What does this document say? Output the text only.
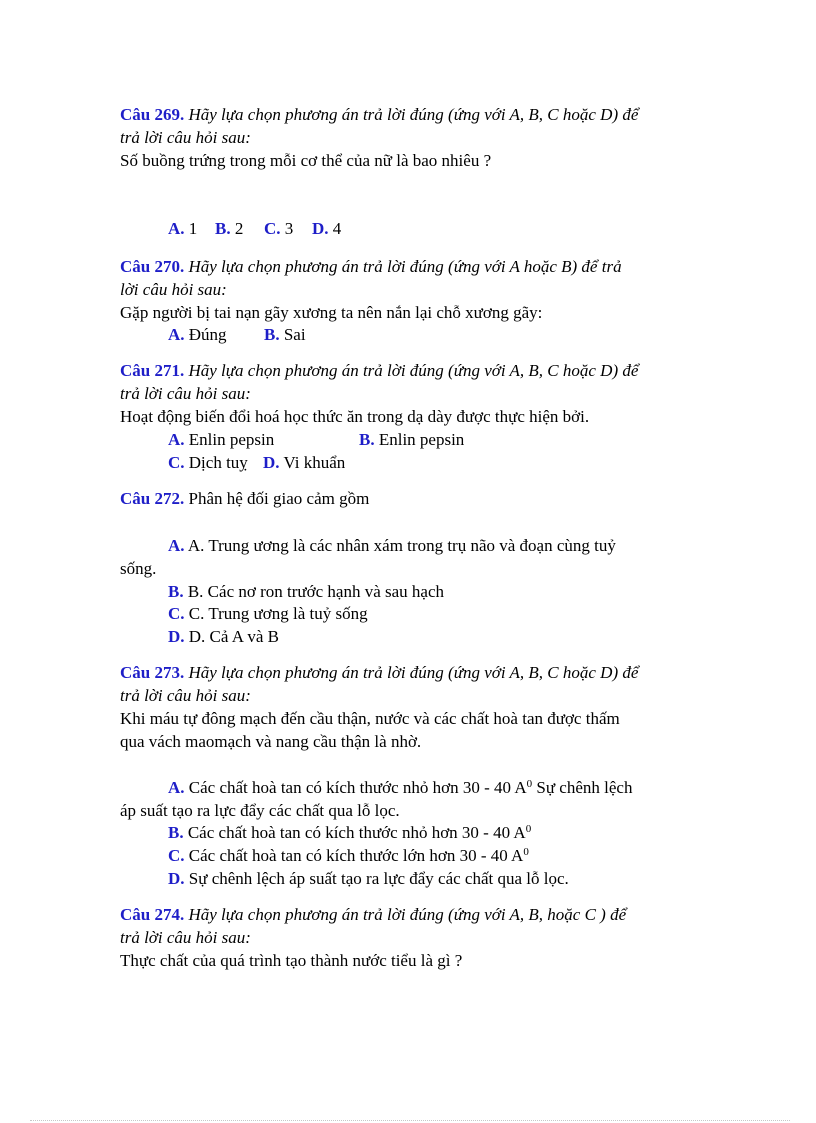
Câu 269. Hãy lựa chọn phương án trả lời đúng (ứng với A, B, C hoặc D) để
trả lời câu hỏi sau:
Số buồng trứng trong mỗi cơ thể của nữ là bao nhiêu ?
A. 1 B. 2 C. 3 D. 4
Câu 270. Hãy lựa chọn phương án trả lời đúng (ứng với A hoặc B) để trả
lời câu hỏi sau:
Gặp người bị tai nạn gãy xương ta nên nắn lại chỗ xương gãy:
A. Đúng B. Sai
Câu 271. Hãy lựa chọn phương án trả lời đúng (ứng với A, B, C hoặc D) để
trả lời câu hỏi sau:
Hoạt động biến đổi hoá học thức ăn trong dạ dày được thực hiện bởi.
A. Enlin pepsin	B. Enlin pepsin
C. Dịch tuỵ D. Vi khuẩn
Câu 272. Phân hệ đối giao cảm gồm
A. A. Trung ương là các nhân xám trong trụ não và đoạn cùng tuỷ
sống.
B. B. Các nơ ron trước hạnh và sau hạch
C. C. Trung ương là tuỷ sống
D. D. Cả A và B
Câu 273. Hãy lựa chọn phương án trả lời đúng (ứng với A, B, C hoặc D) để
trả lời câu hỏi sau:
Khi máu tự đông mạch đến cầu thận, nước và các chất hoà tan được thấm
qua vách maomạch và nang cầu thận là nhờ.
A. Các chất hoà tan có kích thước nhỏ hơn 30 - 40 $A^0$ Sự chênh lệch
áp suất tạo ra lực đẩy các chất qua lỗ lọc.
B. Các chất hoà tan có kích thước nhỏ hơn 30 - 40 $A^0$
C. Các chất hoà tan có kích thước lớn hơn 30 - 40 $A^0$
D. Sự chênh lệch áp suất tạo ra lực đẩy các chất qua lỗ lọc.
Câu 274. Hãy lựa chọn phương án trả lời đúng (ứng với A, B, hoặc C ) để
trả lời câu hỏi sau:
Thực chất của quá trình tạo thành nước tiểu là gì ?
